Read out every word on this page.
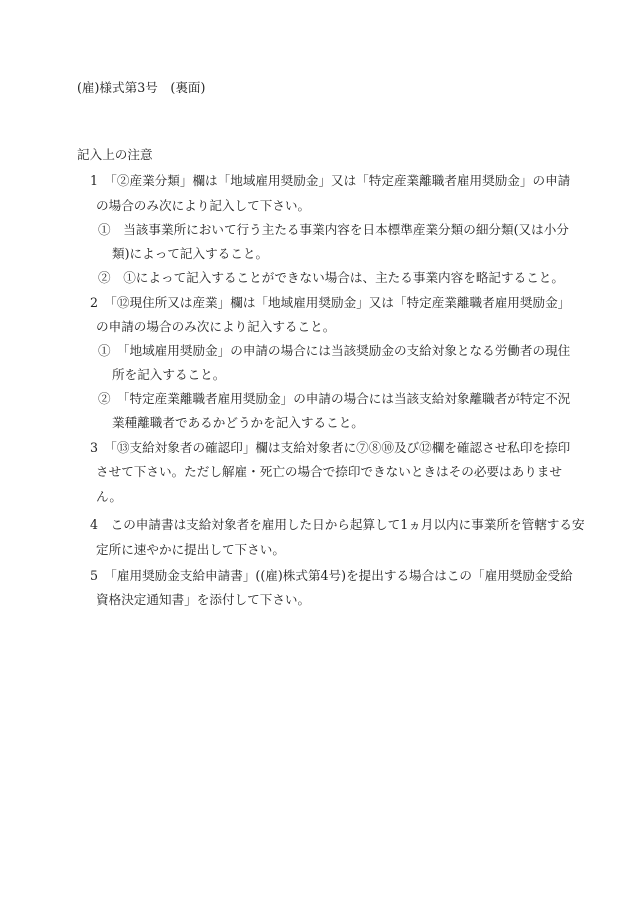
(雇)様式第3号　(裏面)
記入上の注意
1　「②産業分類」欄は「地域雇用奨励金」又は「特定産業離職者雇用奨励金」の申請
の場合のみ次により記入して下さい。
①　当該事業所において行う主たる事業内容を日本標準産業分類の細分類(又は小分
類)によって記入すること。
②　①によって記入することができない場合は、主たる事業内容を略記すること。
2　「⑫現住所又は産業」欄は「地域雇用奨励金」又は「特定産業離職者雇用奨励金」
の申請の場合のみ次により記入すること。
①　「地域雇用奨励金」の申請の場合には当該奨励金の支給対象となる労働者の現住
所を記入すること。
②　「特定産業離職者雇用奨励金」の申請の場合には当該支給対象離職者が特定不況
業種離職者であるかどうかを記入すること。
3　「⑬支給対象者の確認印」欄は支給対象者に⑦⑧⑩及び⑫欄を確認させ私印を捺印
させて下さい。ただし解雇・死亡の場合で捺印できないときはその必要はありませ
ん。
4　この申請書は支給対象者を雇用した日から起算して1ヵ月以内に事業所を管轄する安
定所に速やかに提出して下さい。
5　「雇用奨励金支給申請書」((雇)株式第4号)を提出する場合はこの「雇用奨励金受給
資格決定通知書」を添付して下さい。
